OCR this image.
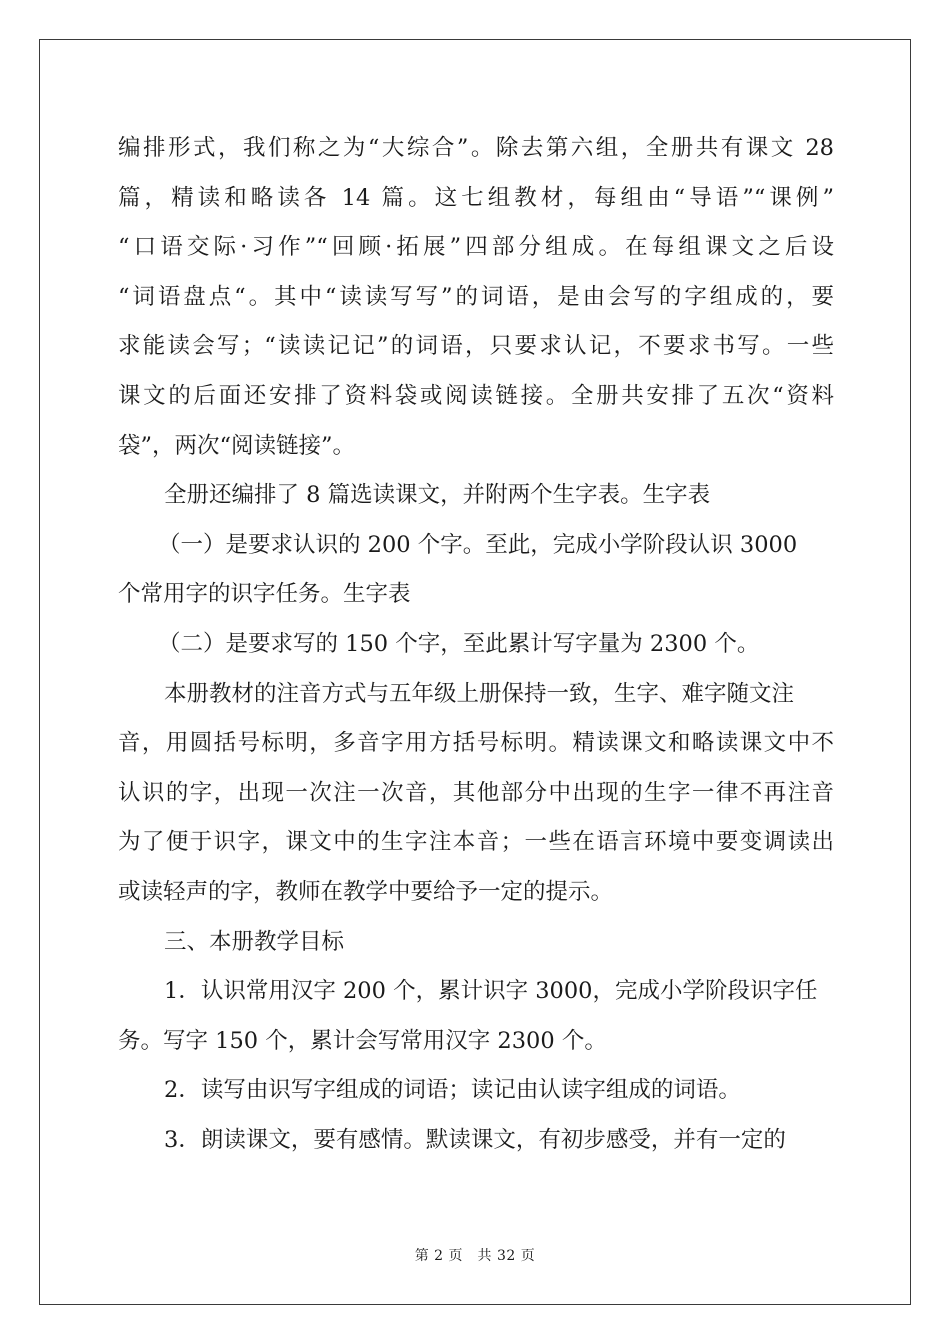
编排形式，我们称之为“大综合”。除去第六组，全册共有课文 28
篇，精读和略读各 14 篇。这七组教材，每组由“导语”“课例”
“口语交际·习作”“回顾·拓展”四部分组成。在每组课文之后设
“词语盘点“。其中“读读写写”的词语，是由会写的字组成的，要
求能读会写；“读读记记”的词语，只要求认记，不要求书写。一些
课文的后面还安排了资料袋或阅读链接。全册共安排了五次“资料
袋”，两次“阅读链接”。
全册还编排了 8 篇选读课文，并附两个生字表。生字表
（一）是要求认识的 200 个字。至此，完成小学阶段认识 3000
个常用字的识字任务。生字表
（二）是要求写的 150 个字，至此累计写字量为 2300 个。
本册教材的注音方式与五年级上册保持一致，生字、难字随文注
音，用圆括号标明，多音字用方括号标明。精读课文和略读课文中不
认识的字，出现一次注一次音，其他部分中出现的生字一律不再注音
为了便于识字，课文中的生字注本音；一些在语言环境中要变调读出
或读轻声的字，教师在教学中要给予一定的提示。
三、本册教学目标
1．认识常用汉字 200 个，累计识字 3000，完成小学阶段识字任
务。写字 150 个，累计会写常用汉字 2300 个。
2．读写由识写字组成的词语；读记由认读字组成的词语。
3．朗读课文，要有感情。默读课文，有初步感受，并有一定的
第 2 页　共 32 页
